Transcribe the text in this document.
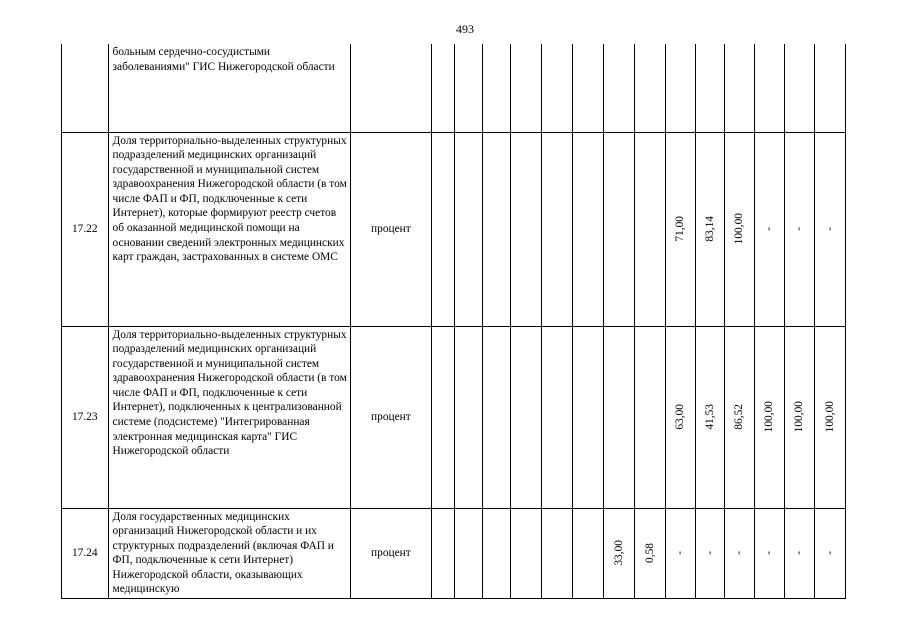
493
	больным сердечно-сосудистыми заболеваниями" ГИС Нижегородской области			

17.22	Доля территориально-выделенных структурных подразделений медицинских организаций государственной и муниципальной систем здравоохранения Нижегородской области (в том числе ФАП и ФП, подключенные к сети Интернет), которые формируют реестр счетов об оказанной медицинской помощи на основании сведений электронных медицинских карт граждан, застрахованных в системе ОМС	процент									71,00	83,14	100,00	-	-	-

17.23	Доля территориально-выделенных структурных подразделений медицинских организаций государственной и муниципальной систем здравоохранения Нижегородской области (в том числе ФАП и ФП, подключенные к сети Интернет), подключенных к централизованной системе (подсистеме) "Интегрированная электронная медицинская карта" ГИС Нижегородской области	процент									63,00	41,53	86,52	100,00	100,00	100,00

17.24	Доля государственных медицинских организаций Нижегородской области и их структурных подразделений (включая ФАП и ФП, подключенные к сети Интернет) Нижегородской области, оказывающих медицинскую	процент							33,00	0,58	-	-	-	-	-	-
